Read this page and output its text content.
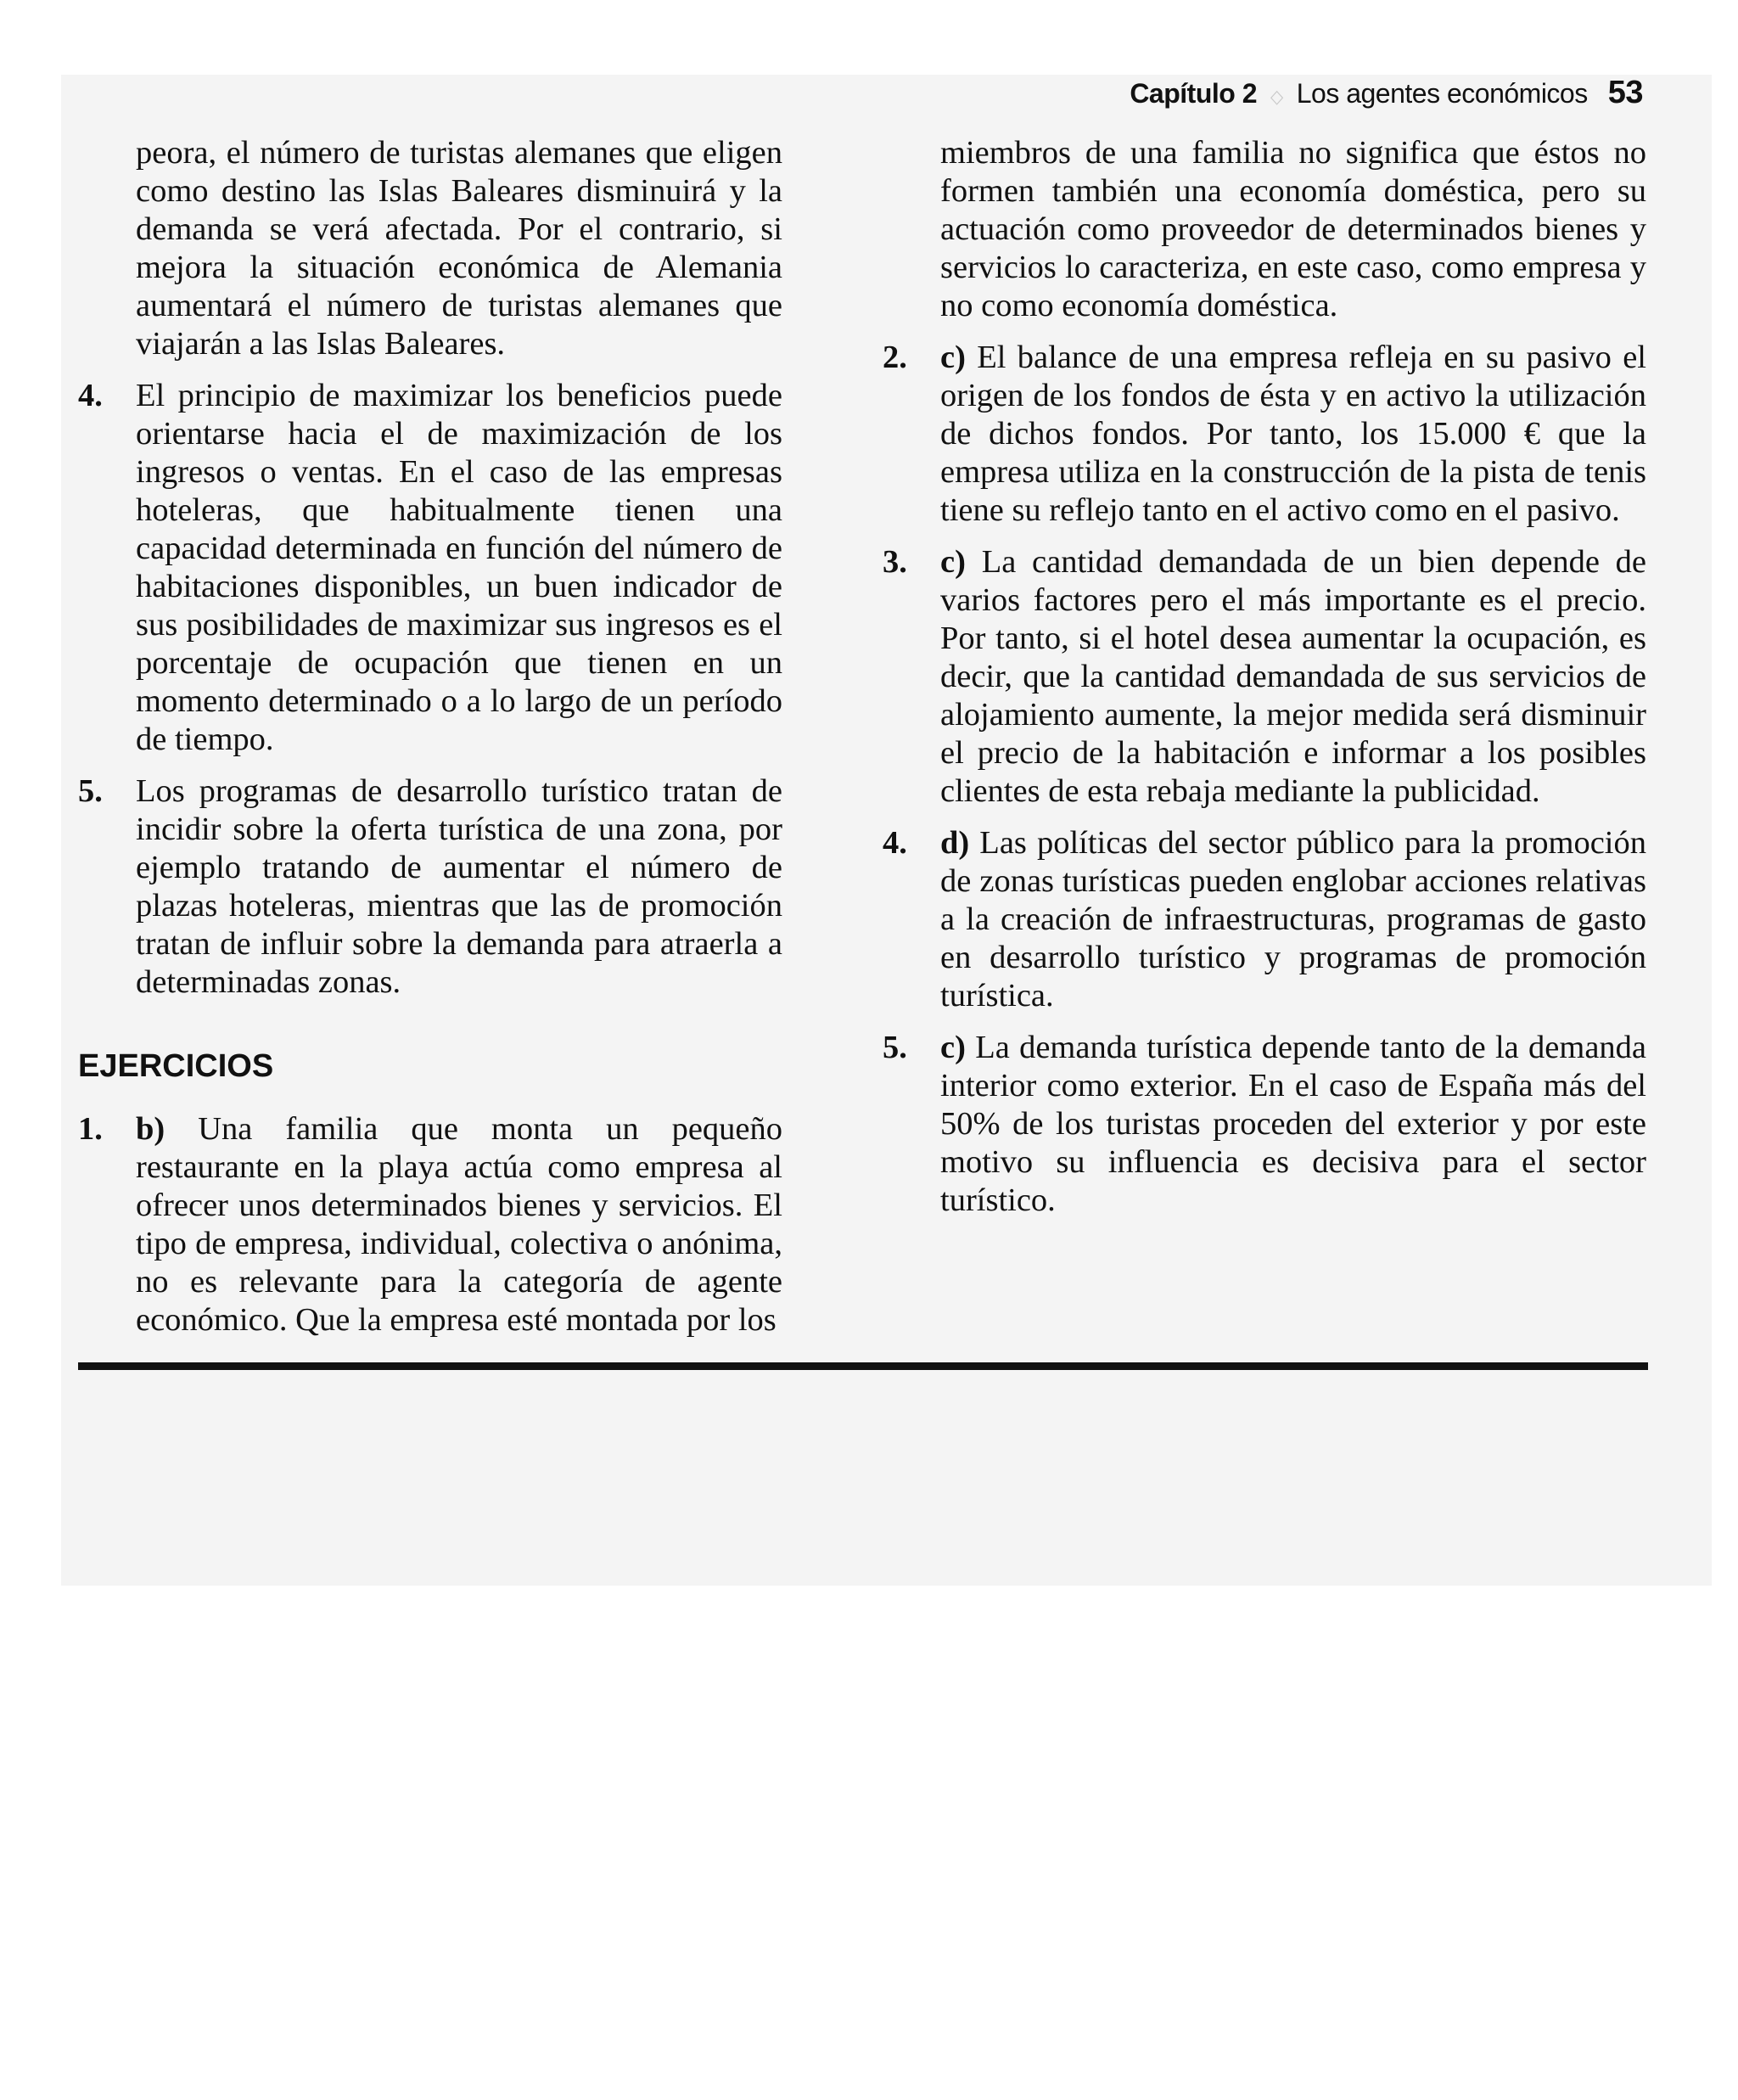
Capítulo 2 ◇ Los agentes económicos 53

peora, el número de turistas alemanes que eligen como destino las Islas Baleares disminuirá y la demanda se verá afectada. Por el contrario, si mejora la situación económica de Alemania aumentará el número de turistas alemanes que viajarán a las Islas Baleares.

4.	El principio de maximizar los beneficios puede orientarse hacia el de maximización de los ingresos o ventas. En el caso de las empresas hoteleras, que habitualmente tienen una capacidad determinada en función del número de habitaciones disponibles, un buen indicador de sus posibilidades de maximizar sus ingresos es el porcentaje de ocupación que tienen en un momento determinado o a lo largo de un período de tiempo.
5.	Los programas de desarrollo turístico tratan de incidir sobre la oferta turística de una zona, por ejemplo tratando de aumentar el número de plazas hoteleras, mientras que las de promoción tratan de influir sobre la demanda para atraerla a determinadas zonas.
EJERCICIOS
1.	b) Una familia que monta un pequeño restaurante en la playa actúa como empresa al ofrecer unos determinados bienes y servicios. El tipo de empresa, individual, colectiva o anónima, no es relevante para la categoría de agente económico. Que la empresa esté montada por los

miembros de una familia no significa que éstos no formen también una economía doméstica, pero su actuación como proveedor de determinados bienes y servicios lo caracteriza, en este caso, como empresa y no como economía doméstica.

2.	c) El balance de una empresa refleja en su pasivo el origen de los fondos de ésta y en activo la utilización de dichos fondos. Por tanto, los 15.000 € que la empresa utiliza en la construcción de la pista de tenis tiene su reflejo tanto en el activo como en el pasivo.
3.	c) La cantidad demandada de un bien depende de varios factores pero el más importante es el precio. Por tanto, si el hotel desea aumentar la ocupación, es decir, que la cantidad demandada de sus servicios de alojamiento aumente, la mejor medida será disminuir el precio de la habitación e informar a los posibles clientes de esta rebaja mediante la publicidad.
4.	d) Las políticas del sector público para la promoción de zonas turísticas pueden englobar acciones relativas a la creación de infraestructuras, programas de gasto en desarrollo turístico y programas de promoción turística.
5.	c) La demanda turística depende tanto de la demanda interior como exterior. En el caso de España más del 50% de los turistas proceden del exterior y por este motivo su influencia es decisiva para el sector turístico.
